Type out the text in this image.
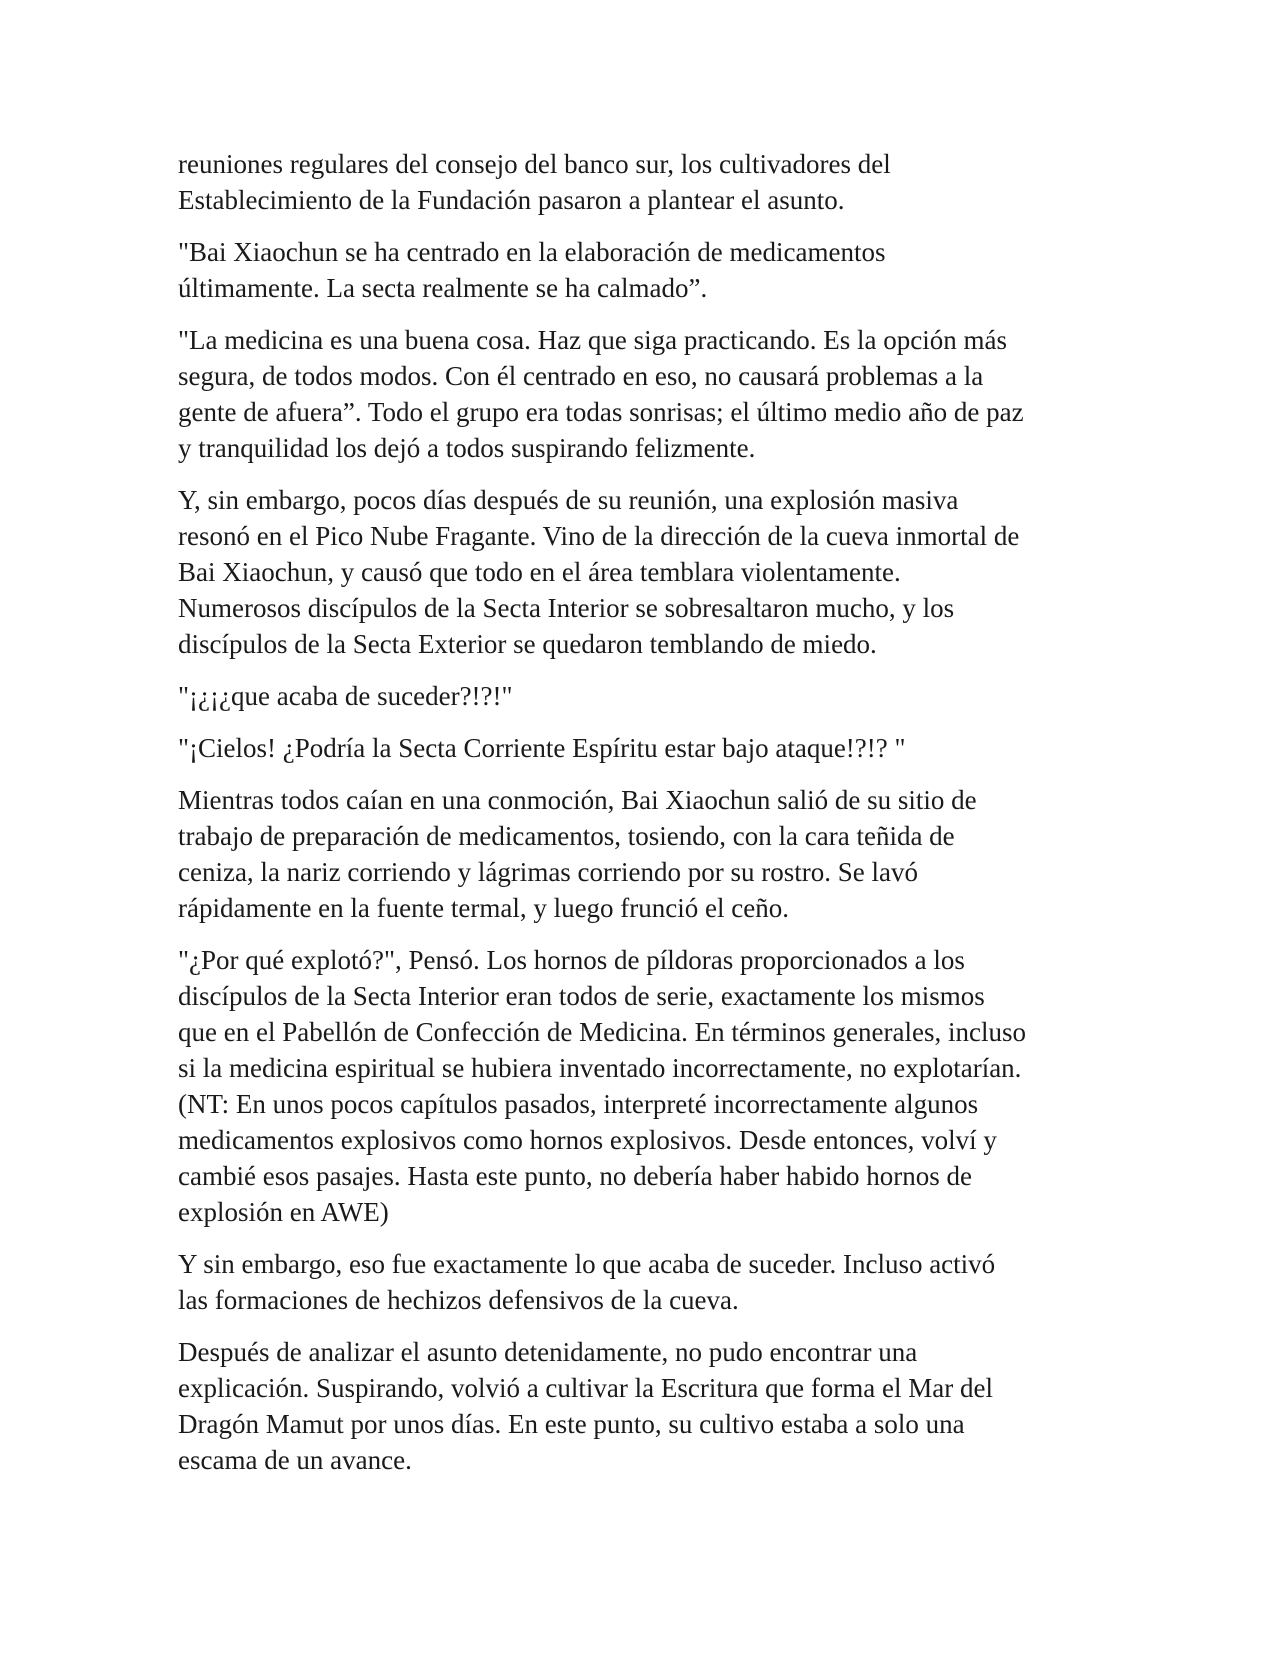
reuniones regulares del consejo del banco sur, los cultivadores del
Establecimiento de la Fundación pasaron a plantear el asunto.

"Bai Xiaochun se ha centrado en la elaboración de medicamentos
últimamente. La secta realmente se ha calmado”.

"La medicina es una buena cosa. Haz que siga practicando. Es la opción más
segura, de todos modos. Con él centrado en eso, no causará problemas a la
gente de afuera”. Todo el grupo era todas sonrisas; el último medio año de paz
y tranquilidad los dejó a todos suspirando felizmente.

Y, sin embargo, pocos días después de su reunión, una explosión masiva
resonó en el Pico Nube Fragante. Vino de la dirección de la cueva inmortal de
Bai Xiaochun, y causó que todo en el área temblara violentamente.
Numerosos discípulos de la Secta Interior se sobresaltaron mucho, y los
discípulos de la Secta Exterior se quedaron temblando de miedo.

"¡¿¡¿que acaba de suceder?!?!"

"¡Cielos! ¿Podría la Secta Corriente Espíritu estar bajo ataque!?!? "

Mientras todos caían en una conmoción, Bai Xiaochun salió de su sitio de
trabajo de preparación de medicamentos, tosiendo, con la cara teñida de
ceniza, la nariz corriendo y lágrimas corriendo por su rostro. Se lavó
rápidamente en la fuente termal, y luego frunció el ceño.

"¿Por qué explotó?", Pensó. Los hornos de píldoras proporcionados a los
discípulos de la Secta Interior eran todos de serie, exactamente los mismos
que en el Pabellón de Confección de Medicina. En términos generales, incluso
si la medicina espiritual se hubiera inventado incorrectamente, no explotarían.
(NT: En unos pocos capítulos pasados, interpreté incorrectamente algunos
medicamentos explosivos como hornos explosivos. Desde entonces, volví y
cambié esos pasajes. Hasta este punto, no debería haber habido hornos de
explosión en AWE)

Y sin embargo, eso fue exactamente lo que acaba de suceder. Incluso activó
las formaciones de hechizos defensivos de la cueva.

Después de analizar el asunto detenidamente, no pudo encontrar una
explicación. Suspirando, volvió a cultivar la Escritura que forma el Mar del
Dragón Mamut por unos días. En este punto, su cultivo estaba a solo una
escama de un avance.
